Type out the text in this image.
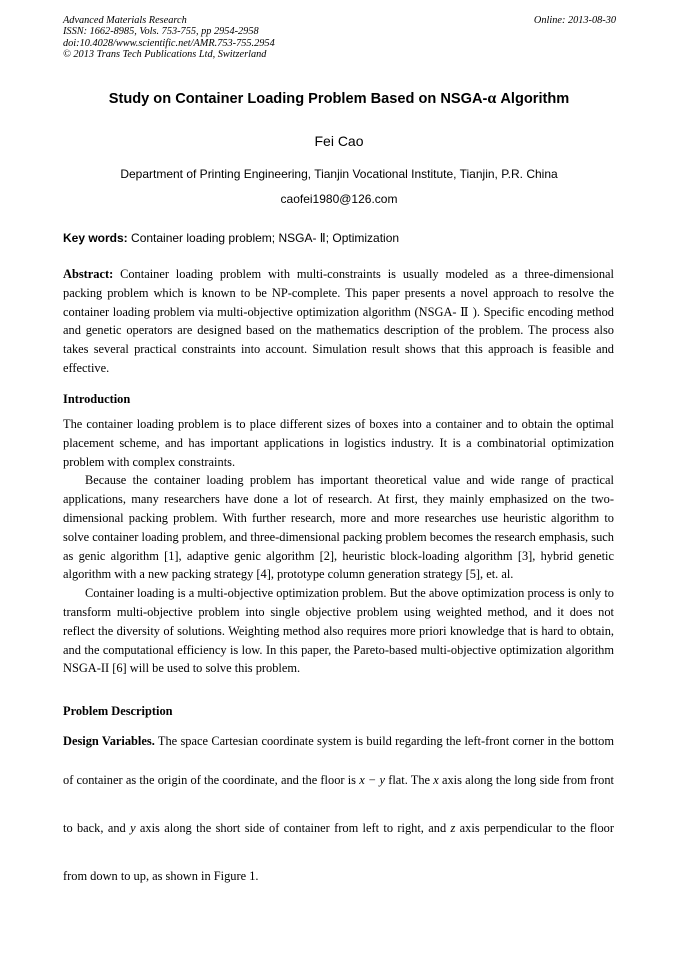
Advanced Materials Research
ISSN: 1662-8985, Vols. 753-755, pp 2954-2958
doi:10.4028/www.scientific.net/AMR.753-755.2954
© 2013 Trans Tech Publications Ltd, Switzerland
Online: 2013-08-30
Study on Container Loading Problem Based on NSGA-α Algorithm
Fei Cao
Department of Printing Engineering, Tianjin Vocational Institute, Tianjin, P.R. China
caofei1980@126.com
Key words: Container loading problem; NSGA- Ⅱ; Optimization
Abstract: Container loading problem with multi-constraints is usually modeled as a three-dimensional packing problem which is known to be NP-complete. This paper presents a novel approach to resolve the container loading problem via multi-objective optimization algorithm (NSGA- Ⅱ ). Specific encoding method and genetic operators are designed based on the mathematics description of the problem. The process also takes several practical constraints into account. Simulation result shows that this approach is feasible and effective.
Introduction

The container loading problem is to place different sizes of boxes into a container and to obtain the optimal placement scheme, and has important applications in logistics industry. It is a combinatorial optimization problem with complex constraints.

Because the container loading problem has important theoretical value and wide range of practical applications, many researchers have done a lot of research. At first, they mainly emphasized on the two-dimensional packing problem. With further research, more and more researches use heuristic algorithm to solve container loading problem, and three-dimensional packing problem becomes the research emphasis, such as genic algorithm [1], adaptive genic algorithm [2], heuristic block-loading algorithm [3], hybrid genetic algorithm with a new packing strategy [4], prototype column generation strategy [5], et. al.

Container loading is a multi-objective optimization problem. But the above optimization process is only to transform multi-objective problem into single objective problem using weighted method, and it does not reflect the diversity of solutions. Weighting method also requires more priori knowledge that is hard to obtain, and the computational efficiency is low. In this paper, the Pareto-based multi-objective optimization algorithm NSGA-II [6] will be used to solve this problem.

Problem Description
Design Variables. The space Cartesian coordinate system is build regarding the left-front corner in the bottom of container as the origin of the coordinate, and the floor is x − y flat. The x axis along the long side from front to back, and y axis along the short side of container from left to right, and z axis perpendicular to the floor from down to up, as shown in Figure 1.
